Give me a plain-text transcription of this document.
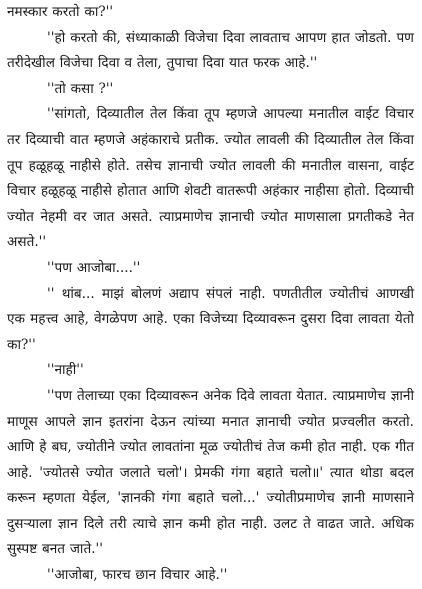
नमस्कार करतो का?''

''हो करतो की, संध्याकाळी विजेचा दिवा लावताच आपण हात जोडतो. पण तरीदेखील विजेचा दिवा व तेला, तुपाचा दिवा यात फरक आहे.''

''तो कसा ?''

''सांगतो, दिव्यातील तेल किंवा तूप म्हणजे आपल्या मनातील वाईट विचार तर दिव्याची वात म्हणजे अहंकाराचे प्रतीक. ज्योत लावली की दिव्यातील तेल किंवा तूप हळूहळू नाहीसे होते. तसेच ज्ञानाची ज्योत लावली की मनातील वासना, वाईट विचार हळूहळू नाहीसे होतात आणि शेवटी वातरूपी अहंकार नाहीसा होतो. दिव्याची ज्योत नेहमी वर जात असते. त्याप्रमाणेच ज्ञानाची ज्योत माणसाला प्रगतीकडे नेत असते.''

''पण आजोबा....''

'' थांब... माझं बोलणं अद्याप संपलं नाही. पणतीतील ज्योतीचं आणखी एक महत्त्व आहे, वेगळेपण आहे. एका विजेच्या दिव्यावरून दुसरा दिवा लावता येतो का?''

''नाही''

''पण तेलाच्या एका दिव्यावरून अनेक दिवे लावता येतात. त्याप्रमाणेच ज्ञानी माणूस आपले ज्ञान इतरांना देऊन त्यांच्या मनात ज्ञानाची ज्योत प्रज्वलीत करतो. आणि हे बघ, ज्योतीने ज्योत लावतांना मूळ ज्योतीचं तेज कमी होत नाही. एक गीत आहे. 'ज्योतसे ज्योत जलाते चलो'। प्रेमकी गंगा बहाते चलो॥' त्यात थोडा बदल करून म्हणता येईल, 'ज्ञानकी गंगा बहाते चलो...' ज्योतीप्रमाणेच ज्ञानी माणसाने दुसऱ्याला ज्ञान दिले तरी त्याचे ज्ञान कमी होत नाही. उलट ते वाढत जाते. अधिक सुस्पष्ट बनत जाते.''

''आजोबा, फारच छान विचार आहे.''
